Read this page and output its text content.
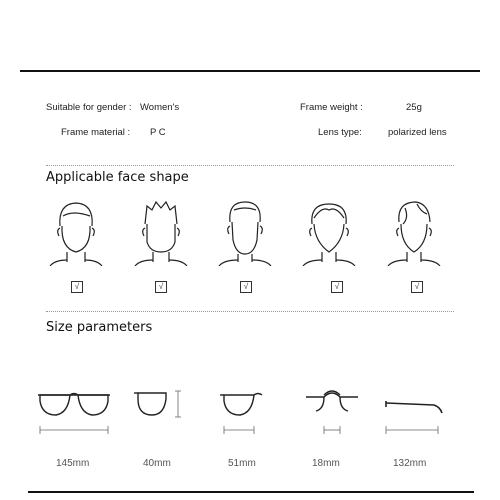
Suitable for gender : Women's	Frame weight :	25g
Frame material : P C	Lens type:	polarized lens
Applicable face shape
√	√	√	√	√
Size parameters
145mm	40mm	51mm	18mm	132mm
